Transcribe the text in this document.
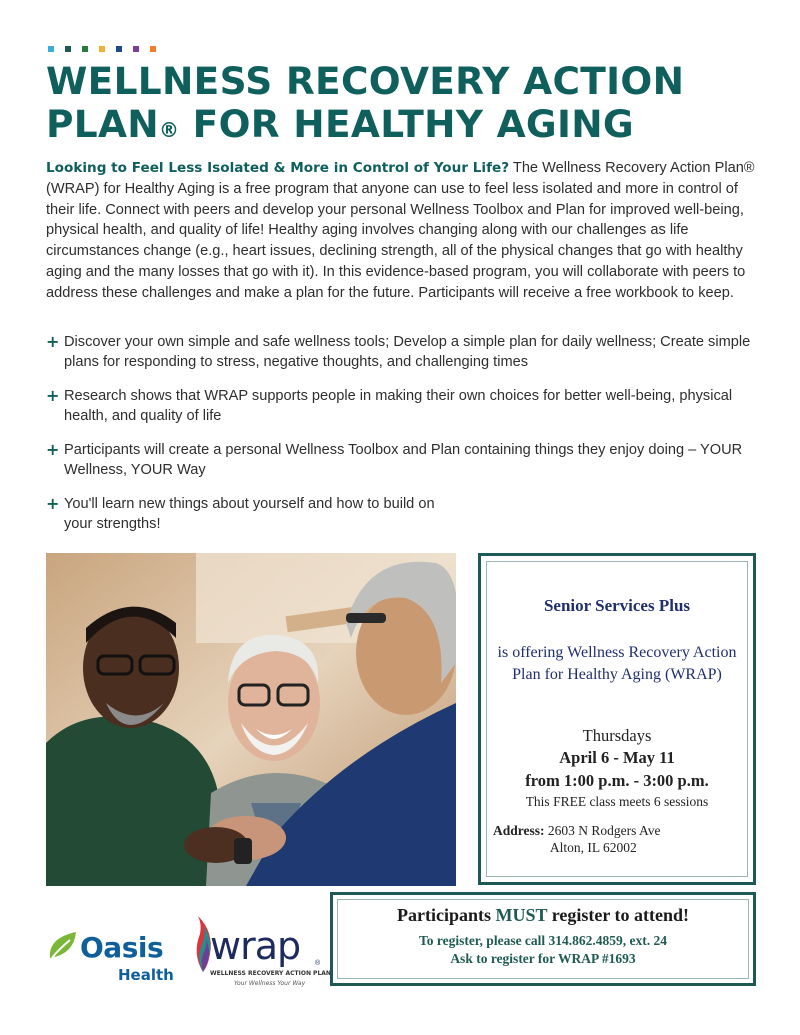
WELLNESS RECOVERY ACTION
PLAN® FOR HEALTHY AGING

Looking to Feel Less Isolated & More in Control of Your Life? The Wellness Recovery Action Plan® (WRAP) for Healthy Aging is a free program that anyone can use to feel less isolated and more in control of their life. Connect with peers and develop your personal Wellness Toolbox and Plan for improved well-being, physical health, and quality of life! Healthy aging involves changing along with our challenges as life circumstances change (e.g., heart issues, declining strength, all of the physical changes that go with healthy aging and the many losses that go with it). In this evidence-based program, you will collaborate with peers to address these challenges and make a plan for the future. Participants will receive a free workbook to keep.

+ Discover your own simple and safe wellness tools; Develop a simple plan for daily wellness; Create simple plans for responding to stress, negative thoughts, and challenging times
+ Research shows that WRAP supports people in making their own choices for better well-being, physical health, and quality of life
+ Participants will create a personal Wellness Toolbox and Plan containing things they enjoy doing – YOUR Wellness, YOUR Way
+ You'll learn new things about yourself and how to build on your strengths!
Senior Services Plus
is offering Wellness Recovery Action Plan for Healthy Aging (WRAP)
Thursdays
April 6 - May 11
from 1:00 p.m. - 3:00 p.m.
This FREE class meets 6 sessions
Address: 2603 N Rodgers Ave
Alton, IL 62002
Participants MUST register to attend!
To register, please call 314.862.4859, ext. 24
Ask to register for WRAP #1693
Oasis
Health
wrap ®
WELLNESS RECOVERY ACTION PLAN
Your Wellness Your Way
